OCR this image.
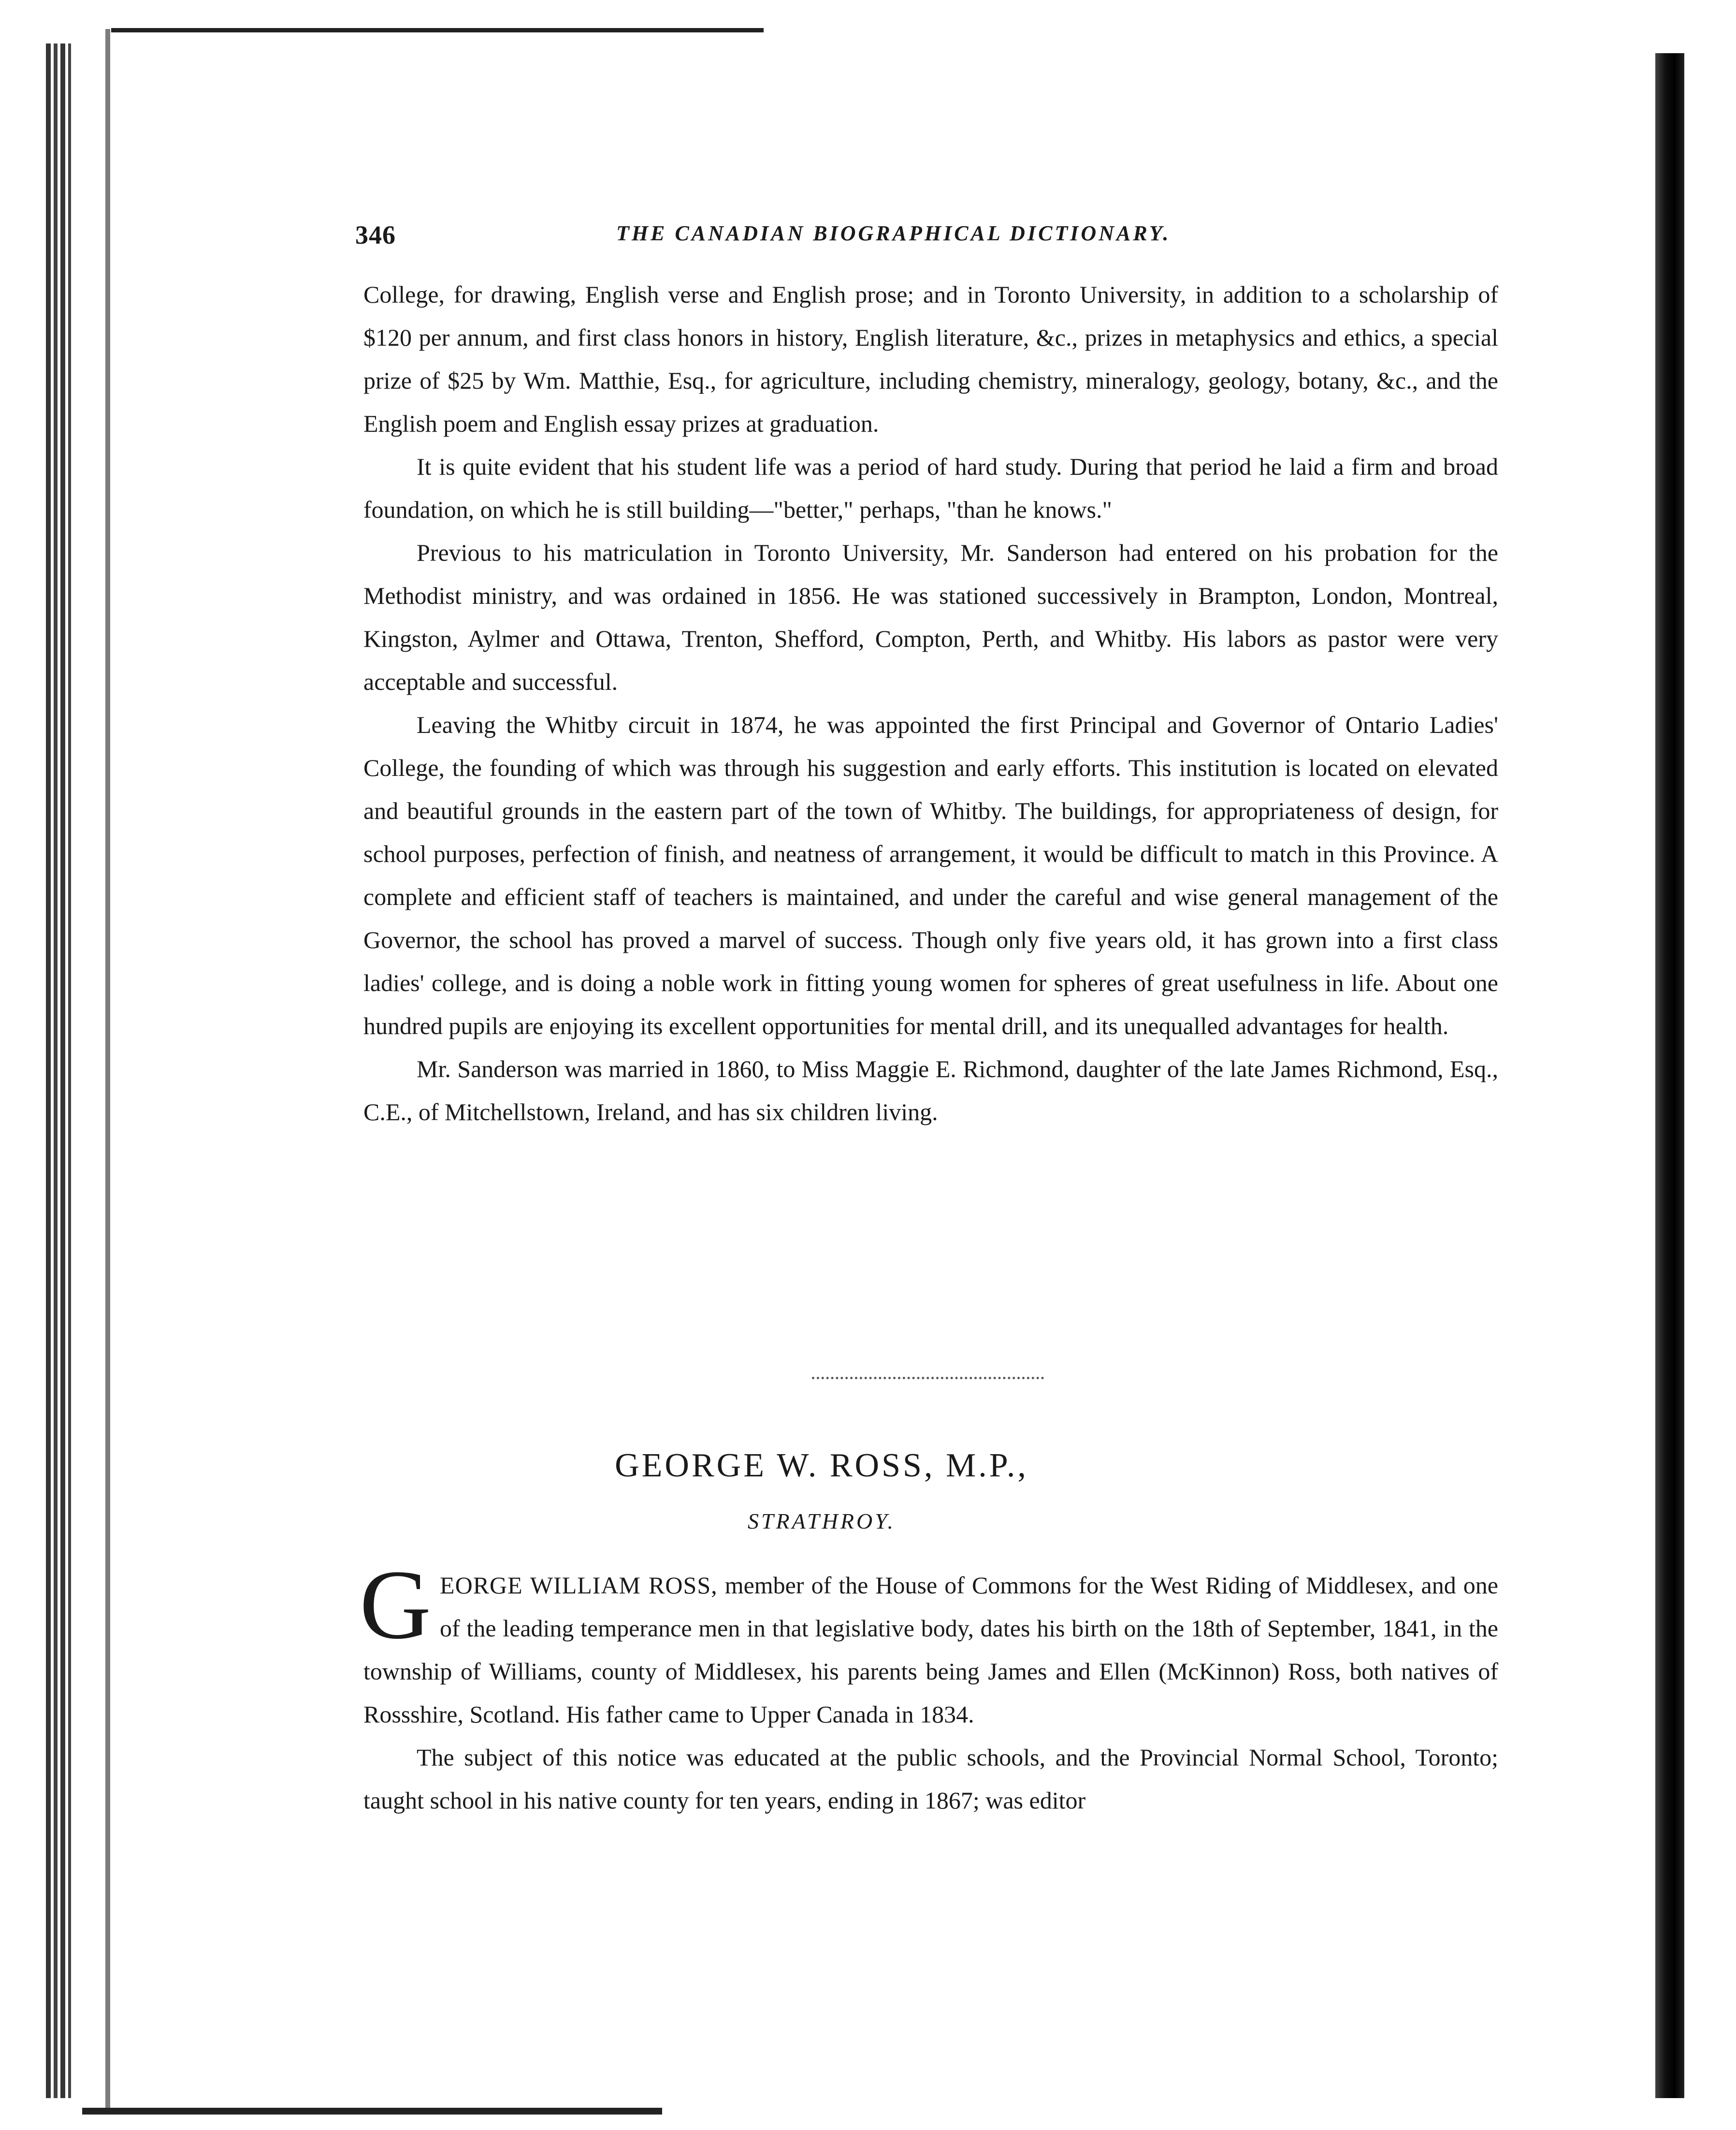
346	THE CANADIAN BIOGRAPHICAL DICTIONARY.

College, for drawing, English verse and English prose; and in Toronto University, in addition to a scholarship of $120 per annum, and first class honors in history, English literature, &c., prizes in metaphysics and ethics, a special prize of $25 by Wm. Matthie, Esq., for agriculture, including chemistry, mineralogy, geology, botany, &c., and the English poem and English essay prizes at graduation.

It is quite evident that his student life was a period of hard study. During that period he laid a firm and broad foundation, on which he is still building—"better," perhaps, "than he knows."

Previous to his matriculation in Toronto University, Mr. Sanderson had entered on his probation for the Methodist ministry, and was ordained in 1856. He was stationed successively in Brampton, London, Montreal, Kingston, Aylmer and Ottawa, Trenton, Shefford, Compton, Perth, and Whitby. His labors as pastor were very acceptable and successful.

Leaving the Whitby circuit in 1874, he was appointed the first Principal and Governor of Ontario Ladies' College, the founding of which was through his suggestion and early efforts. This institution is located on elevated and beautiful grounds in the eastern part of the town of Whitby. The buildings, for appropriateness of design, for school purposes, perfection of finish, and neatness of arrangement, it would be difficult to match in this Province. A complete and efficient staff of teachers is maintained, and under the careful and wise general management of the Governor, the school has proved a marvel of success. Though only five years old, it has grown into a first class ladies' college, and is doing a noble work in fitting young women for spheres of great usefulness in life. About one hundred pupils are enjoying its excellent opportunities for mental drill, and its unequalled advantages for health.

Mr. Sanderson was married in 1860, to Miss Maggie E. Richmond, daughter of the late James Richmond, Esq., C.E., of Mitchellstown, Ireland, and has six children living.

GEORGE W. ROSS, M.P.,
STRATHROY.

GEORGE WILLIAM ROSS, member of the House of Commons for the West Riding of Middlesex, and one of the leading temperance men in that legislative body, dates his birth on the 18th of September, 1841, in the township of Williams, county of Middlesex, his parents being James and Ellen (McKinnon) Ross, both natives of Rossshire, Scotland. His father came to Upper Canada in 1834.

The subject of this notice was educated at the public schools, and the Provincial Normal School, Toronto; taught school in his native county for ten years, ending in 1867; was editor
